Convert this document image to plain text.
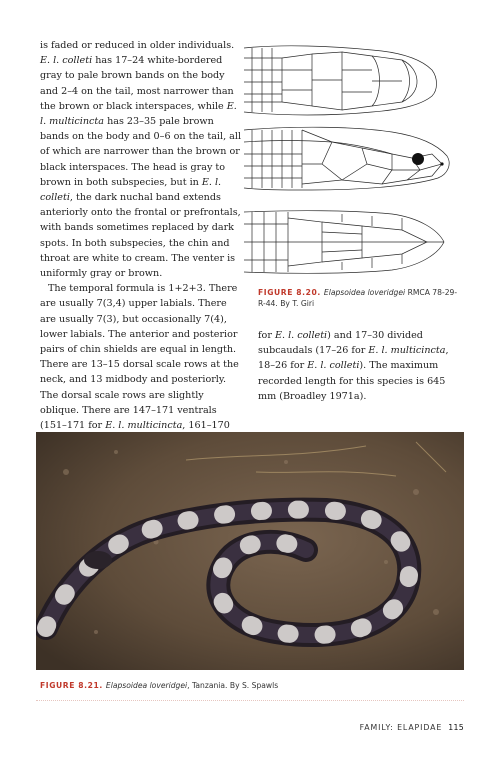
is faded or reduced in older individuals. E. l. colleti has 17–24 white-bordered gray to pale brown bands on the body and 2–4 on the tail, most narrower than the brown or black interspaces, while E. l. multicincta has 23–35 pale brown bands on the body and 0–6 on the tail, all of which are narrower than the brown or black interspaces. The head is gray to brown in both subspecies, but in E. l. colleti, the dark nuchal band extends anteriorly onto the frontal or prefrontals, with bands sometimes replaced by dark spots. In both subspecies, the chin and throat are white to cream. The venter is uniformly gray or brown.

The temporal formula is 1+2+3. There are usually 7(3,4) upper labials. There are usually 7(3), but occasionally 7(4), lower labials. The anterior and posterior pairs of chin shields are equal in length. There are 13–15 dorsal scale rows at the neck, and 13 midbody and posteriorly. The dorsal scale rows are slightly oblique. There are 147–171 ventrals (151–171 for E. l. multicincta, 161–170

FIGURE 8.20. Elapsoidea loveridgei RMCA 78-29-R-44. By T. Giri

for E. l. colleti) and 17–30 divided subcaudals (17–26 for E. l. multicincta, 18–26 for E. l. colleti). The maximum recorded length for this species is 645 mm (Broadley 1971a).

FIGURE 8.21. Elapsoidea loveridgei, Tanzania. By S. Spawls
FAMILY: ELAPIDAE 115
